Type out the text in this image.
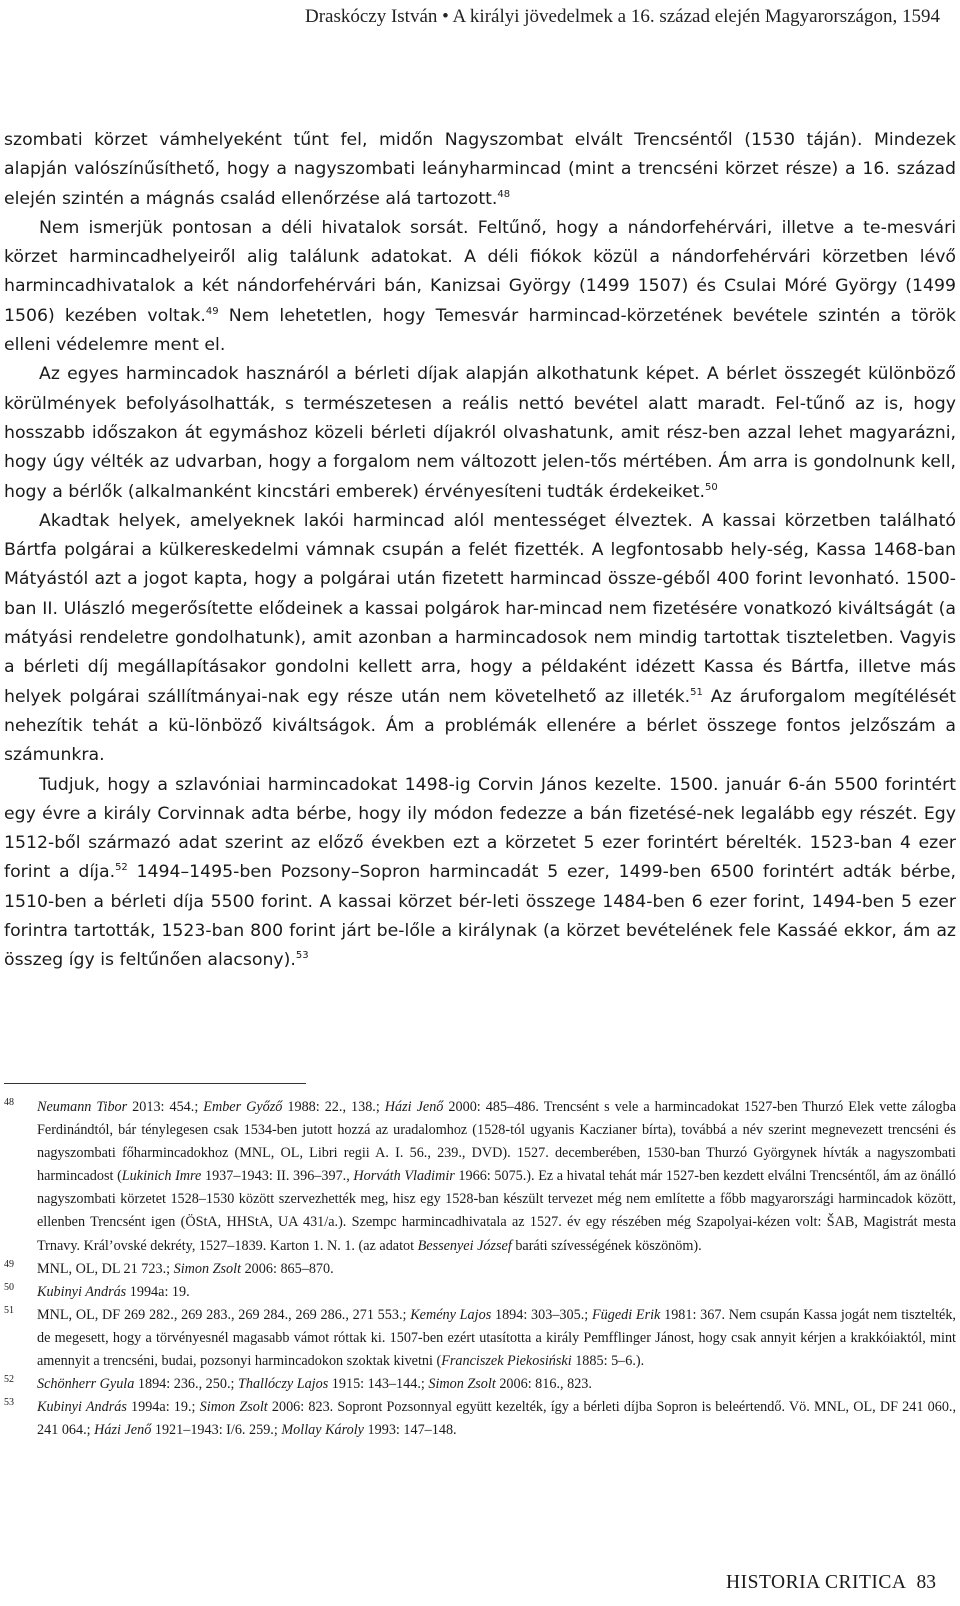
Draskóczy István • A királyi jövedelmek a 16. század elején Magyarországon, 1594

szombati körzet vámhelyeként tűnt fel, midőn Nagyszombat elvált Trencséntől (1530 táján). Mindezek alapján valószínűsíthető, hogy a nagyszombati leányharmincad (mint a trencséni körzet része) a 16. század elején szintén a mágnás család ellenőrzése alá tartozott.$^{48}$

Nem ismerjük pontosan a déli hivatalok sorsát. Feltűnő, hogy a nándorfehérvári, illetve a te-mesvári körzet harmincadhelyeiről alig találunk adatokat. A déli fiókok közül a nándorfehérvári körzetben lévő harmincadhivatalok a két nándorfehérvári bán, Kanizsai György (1499 1507) és Csulai Móré György (1499 1506) kezében voltak.$^{49}$ Nem lehetetlen, hogy Temesvár harmincad-körzetének bevétele szintén a török elleni védelemre ment el.

Az egyes harmincadok hasznáról a bérleti díjak alapján alkothatunk képet. A bérlet összegét különböző körülmények befolyásolhatták, s természetesen a reális nettó bevétel alatt maradt. Fel-tűnő az is, hogy hosszabb időszakon át egymáshoz közeli bérleti díjakról olvashatunk, amit rész-ben azzal lehet magyarázni, hogy úgy vélték az udvarban, hogy a forgalom nem változott jelen-tős mértében. Ám arra is gondolnunk kell, hogy a bérlők (alkalmanként kincstári emberek) érvényesíteni tudták érdekeiket.$^{50}$

Akadtak helyek, amelyeknek lakói harmincad alól mentességet élveztek. A kassai körzetben található Bártfa polgárai a külkereskedelmi vámnak csupán a felét fizették. A legfontosabb hely-ség, Kassa 1468-ban Mátyástól azt a jogot kapta, hogy a polgárai után fizetett harmincad össze-géből 400 forint levonható. 1500-ban II. Ulászló megerősítette elődeinek a kassai polgárok har-mincad nem fizetésére vonatkozó kiváltságát (a mátyási rendeletre gondolhatunk), amit azonban a harmincadosok nem mindig tartottak tiszteletben. Vagyis a bérleti díj megállapításakor gondolni kellett arra, hogy a példaként idézett Kassa és Bártfa, illetve más helyek polgárai szállítmányai-nak egy része után nem követelhető az illeték.$^{51}$ Az áruforgalom megítélését nehezítik tehát a kü-lönböző kiváltságok. Ám a problémák ellenére a bérlet összege fontos jelzőszám a számunkra.

Tudjuk, hogy a szlavóniai harmincadokat 1498-ig Corvin János kezelte. 1500. január 6-án 5500 forintért egy évre a király Corvinnak adta bérbe, hogy ily módon fedezze a bán fizetésé-nek legalább egy részét. Egy 1512-ből származó adat szerint az előző években ezt a körzetet 5 ezer forintért bérelték. 1523-ban 4 ezer forint a díja.$^{52}$ 1494–1495-ben Pozsony–Sopron harmincadát 5 ezer, 1499-ben 6500 forintért adták bérbe, 1510-ben a bérleti díja 5500 forint. A kassai körzet bér-leti összege 1484-ben 6 ezer forint, 1494-ben 5 ezer forintra tartották, 1523-ban 800 forint járt be-lőle a királynak (a körzet bevételének fele Kassáé ekkor, ám az összeg így is feltűnően alacsony).$^{53}$

48 Neumann Tibor 2013: 454.; Ember Győző 1988: 22., 138.; Házi Jenő 2000: 485–486. Trencsént s vele a harmincadokat 1527-ben Thurzó Elek vette zálogba Ferdinándtól, bár ténylegesen csak 1534-ben jutott hozzá az uradalomhoz (1528-tól ugyanis Kaczianer bírta), továbbá a név szerint megnevezett trencséni és nagyszombati főharmincadokhoz (MNL, OL, Libri regii A. I. 56., 239., DVD). 1527. decemberében, 1530-ban Thurzó Györgynek hívták a nagyszombati harmincadost (Lukinich Imre 1937–1943: II. 396–397., Horváth Vladimir 1966: 5075.). Ez a hivatal tehát már 1527-ben kezdett elválni Trencséntől, ám az önálló nagyszombati körzetet 1528–1530 között szervezhették meg, hisz egy 1528-ban készült tervezet még nem említette a főbb magyarországi harmincadok között, ellenben Trencsént igen (ÖStA, HHStA, UA 431/a.). Szempc harmincadhivatala az 1527. év egy részében még Szapolyai-kézen volt: ŠAB, Magistrát mesta Trnavy. Král’ovské dekréty, 1527–1839. Karton 1. N. 1. (az adatot Bessenyei József baráti szívességének köszönöm).
49 MNL, OL, DL 21 723.; Simon Zsolt 2006: 865–870.
50 Kubinyi András 1994a: 19.
51 MNL, OL, DF 269 282., 269 283., 269 284., 269 286., 271 553.; Kemény Lajos 1894: 303–305.; Fügedi Erik 1981: 367. Nem csupán Kassa jogát nem tisztelték, de megesett, hogy a törvényesnél magasabb vámot róttak ki. 1507-ben ezért utasította a király Pemfflinger Jánost, hogy csak annyit kérjen a krakkóiaktól, mint amennyit a trencséni, budai, pozsonyi harmincadokon szoktak kivetni (Franciszek Piekosiński 1885: 5–6.).
52 Schönherr Gyula 1894: 236., 250.; Thallóczy Lajos 1915: 143–144.; Simon Zsolt 2006: 816., 823.
53 Kubinyi András 1994a: 19.; Simon Zsolt 2006: 823. Sopront Pozsonnyal együtt kezelték, így a bérleti díjba Sopron is beleértendő. Vö. MNL, OL, DF 241 060., 241 064.; Házi Jenő 1921–1943: I/6. 259.; Mollay Károly 1993: 147–148.
HISTORIA CRITICA 83
